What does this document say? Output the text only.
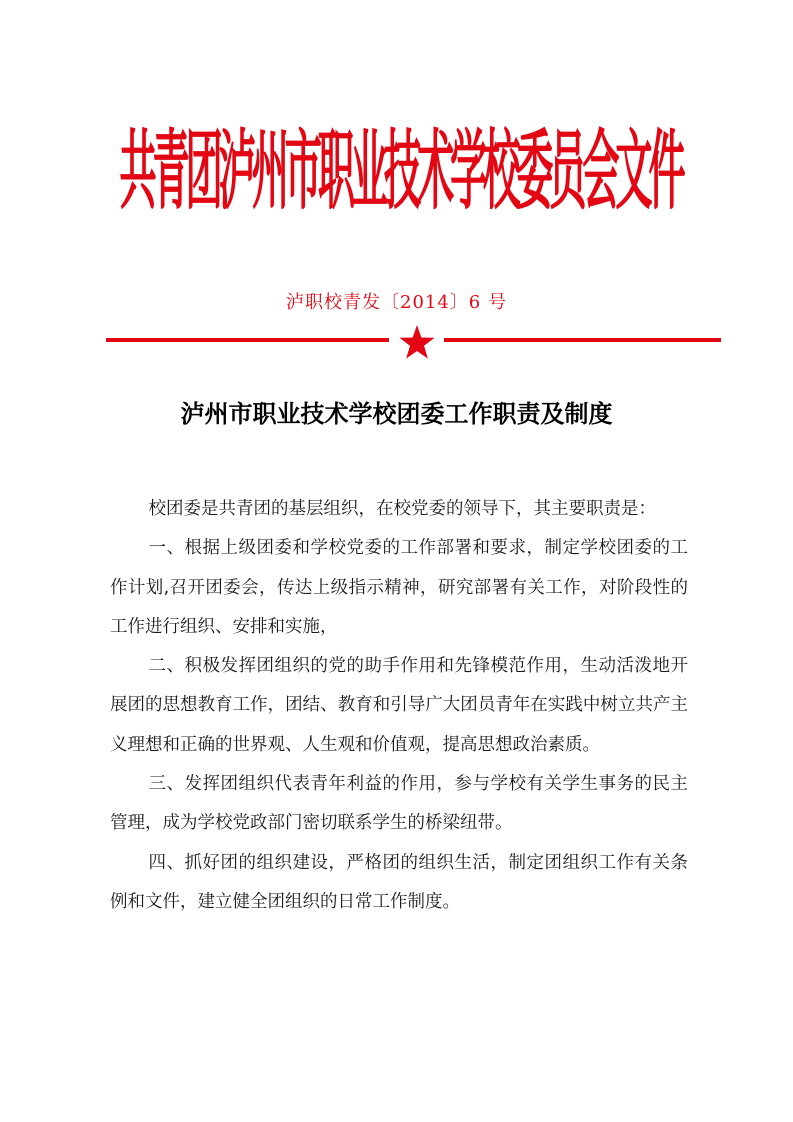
共青团泸州市职业技术学校委员会文件
泸职校青发〔2014〕6 号
泸州市职业技术学校团委工作职责及制度

校团委是共青团的基层组织，在校党委的领导下，其主要职责是：

一、根据上级团委和学校党委的工作部署和要求，制定学校团委的工作计划,召开团委会，传达上级指示精神，研究部署有关工作，对阶段性的工作进行组织、安排和实施，

二、积极发挥团组织的党的助手作用和先锋模范作用，生动活泼地开展团的思想教育工作，团结、教育和引导广大团员青年在实践中树立共产主义理想和正确的世界观、人生观和价值观，提高思想政治素质。

三、发挥团组织代表青年利益的作用，参与学校有关学生事务的民主管理，成为学校党政部门密切联系学生的桥梁纽带。

四、抓好团的组织建设，严格团的组织生活，制定团组织工作有关条例和文件，建立健全团组织的日常工作制度。
